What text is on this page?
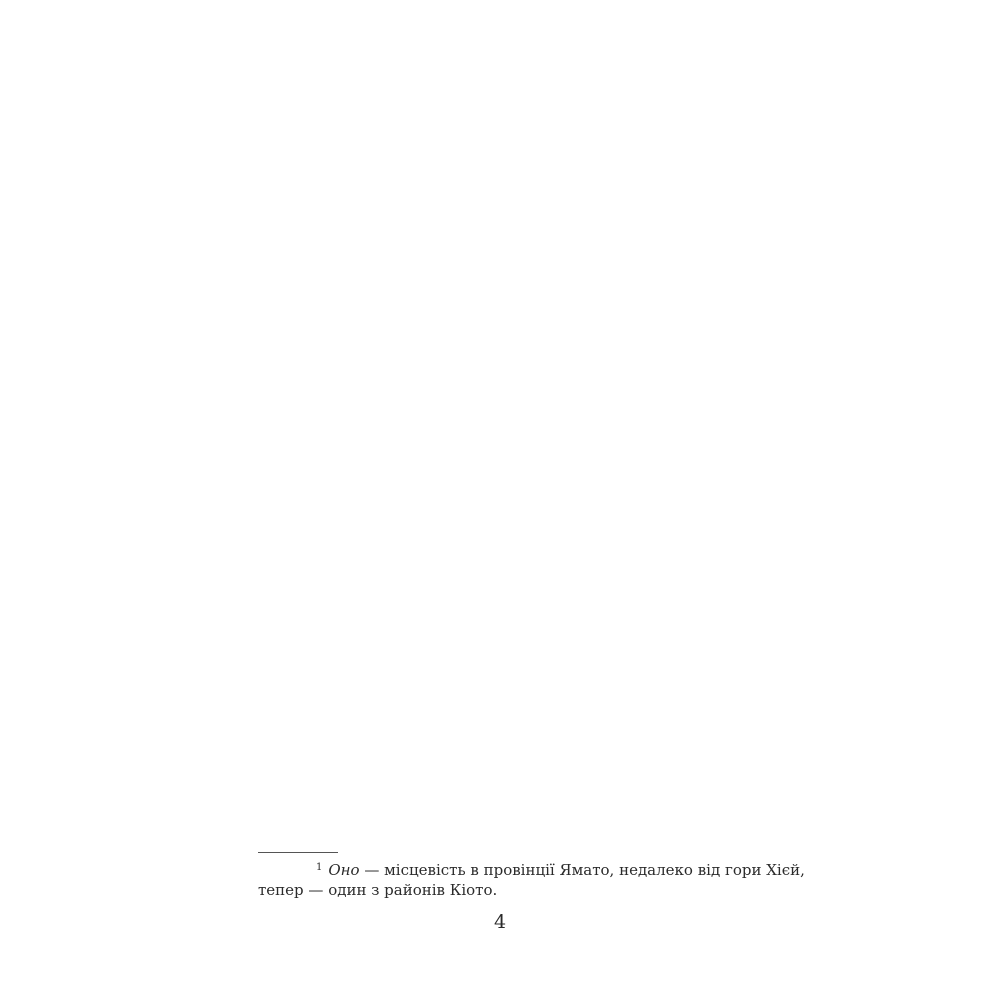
$^1$ Оно — місцевість в провінції Ямато, недалеко від гори Хієй,
тепер — один з районів Кіото.
4
